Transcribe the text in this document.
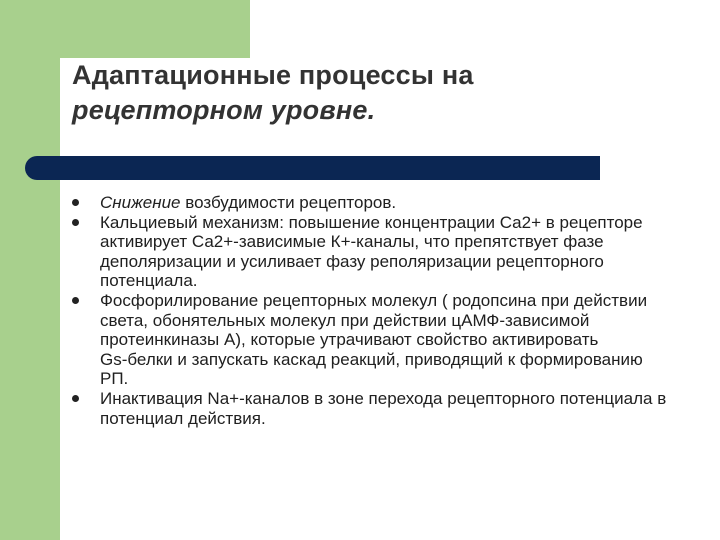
Адаптационные процессы на
рецепторном уровне.
Снижение возбудимости рецепторов.
Кальциевый механизм: повышение концентрации Са2+ в рецепторе активирует Са2+-зависимые К+-каналы, что препятствует фазе деполяризации и усиливает фазу реполяризации рецепторного потенциала.
Фосфорилирование рецепторных молекул ( родопсина при действии света, обонятельных молекул при действии цАМФ‑зависимой протеинкиназы А), которые утрачивают свойство активировать Gs‑белки и запускать каскад реакций, приводящий к формированию РП.
Инактивация Na+-каналов в зоне перехода рецепторного потенциала в потенциал действия.
